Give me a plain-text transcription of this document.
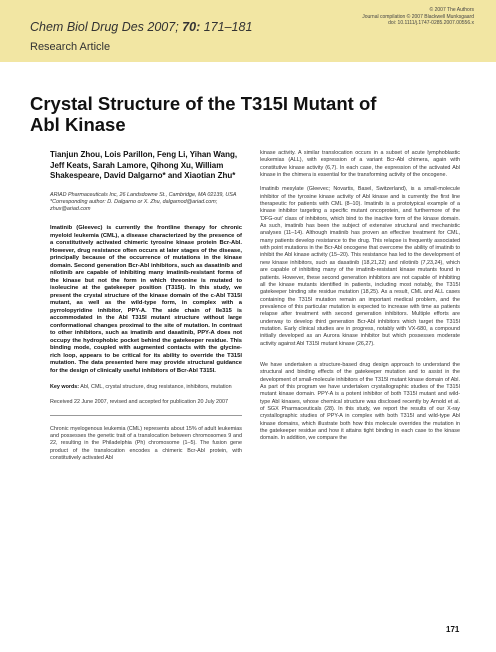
Chem Biol Drug Des 2007; 70: 171–181
Research Article
© 2007 The Authors
Journal compilation © 2007 Blackwell Munksgaard
doi: 10.1111/j.1747-0285.2007.00556.x
Crystal Structure of the T315I Mutant of Abl Kinase
Tianjun Zhou, Lois Parillon, Feng Li, Yihan Wang, Jeff Keats, Sarah Lamore, Qihong Xu, William Shakespeare, David Dalgarno* and Xiaotian Zhu*
ARIAD Pharmaceuticals Inc, 26 Landsdowne St., Cambridge, MA 02139, USA
*Corresponding author: D. Dalgarno or X. Zhu, dalgarnod@ariad.com; zhux@ariad.com

Imatinib (Gleevec) is currently the frontline therapy for chronic myeloid leukemia (CML), a disease characterized by the presence of a constitutively activated chimeric tyrosine kinase protein Bcr-Abl. However, drug resistance often occurs at later stages of the disease, principally because of the occurrence of mutations in the kinase domain. Second generation Bcr-Abl inhibitors, such as dasatinib and nilotinib are capable of inhibiting many imatinib-resistant forms of the kinase but not the form in which threonine is mutated to isoleucine at the gatekeeper position (T315I). In this study, we present the crystal structure of the kinase domain of the c-Abl T315I mutant, as well as the wild-type form, in complex with a pyrrolopyridine inhibitor, PPY-A. The side chain of Ile315 is accommodated in the Abl T315I mutant structure without large conformational changes proximal to the site of mutation. In contrast to other inhibitors, such as imatinib and dasatinib, PPY-A does not occupy the hydrophobic pocket behind the gatekeeper residue. This binding mode, coupled with augmented contacts with the glycine-rich loop, appears to be critical for its ability to override the T315I mutation. The data presented here may provide structural guidance for the design of clinically useful inhibitors of Bcr-Abl T315I.

Key words: Abl, CML, crystal structure, drug resistance, inhibitors, mutation
Received 22 June 2007, revised and accepted for publication 20 July 2007

Chronic myelogenous leukemia (CML) represents about 15% of adult leukemias and possesses the genetic trait of a translocation between chromosomes 9 and 22, resulting in the Philadelphia (Ph) chromosome (1–5). The fusion gene product of the translocation encodes a chimeric Bcr-Abl protein, with constitutively activated Abl

kinase activity. A similar translocation occurs in a subset of acute lymphoblastic leukemias (ALL), with expression of a variant Bcr-Abl chimera, again with constitutive kinase activity (6,7). In each case, the expression of the activated Abl kinase in the chimera is essential for the transforming activity of the oncogene.

Imatinib mesylate (Gleevec; Novartis, Basel, Switzerland), is a small-molecule inhibitor of the tyrosine kinase activity of Abl kinase and is currently the first line therapeutic for patients with CML (8–10). Imatinib is a prototypical example of a kinase inhibitor targeting a specific mutant oncoprotein, and furthermore of the 'DFG-out' class of inhibitors, which bind to the inactive form of the kinase domain. As such, imatinib has been the subject of extensive structural and mechanistic analyses (11–14). Although imatinib has proven an effective treatment for CML, many patients develop resistance to the drug. This relapse is frequently associated with point mutations in the Bcr-Abl oncogene that overcome the ability of imatinib to inhibit the Abl kinase activity (15–20). This resistance has led to the development of new kinase inhibitors, such as dasatinib (18,21,22) and nilotinib (7,23,24), which are capable of inhibiting many of the imatinib-resistant kinase mutants found in patients. However, these second generation inhibitors are not capable of inhibiting all the kinase mutants identified in patients, including most notably, the T315I gatekeeper binding site residue mutation (18,25). As a result, CML and ALL cases containing the T315I mutation remain an important medical problem, and the prevalence of this particular mutation is expected to increase with time as patients relapse after treatment with second generation inhibitors. Multiple efforts are underway to develop third generation Bcr-Abl inhibitors which target the T315I mutation. Early clinical studies are in progress, notably with VX-680, a compound initially developed as an Aurora kinase inhibitor but which possesses moderate activity against Abl T315I mutant kinase (26,27).

We have undertaken a structure-based drug design approach to understand the structural and binding effects of the gatekeeper mutation and to assist in the development of small-molecule inhibitors of the T315I mutant kinase domain of Abl. As part of this program we have undertaken crystallographic studies of the T315I mutant kinase domain. PPY-A is a potent inhibitor of both T315I mutant and wild-type Abl kinases, whose chemical structure was disclosed recently by Arnold et al. of SGX Pharmaceuticals (28). In this study, we report the results of our X-ray crystallographic studies of PPY-A in complex with both T315I and wild-type Abl kinase domains, which illustrate both how this molecule overrides the mutation in the gatekeeper residue and how it attains tight binding in each case to the kinase domain. In addition, we compare the

171
